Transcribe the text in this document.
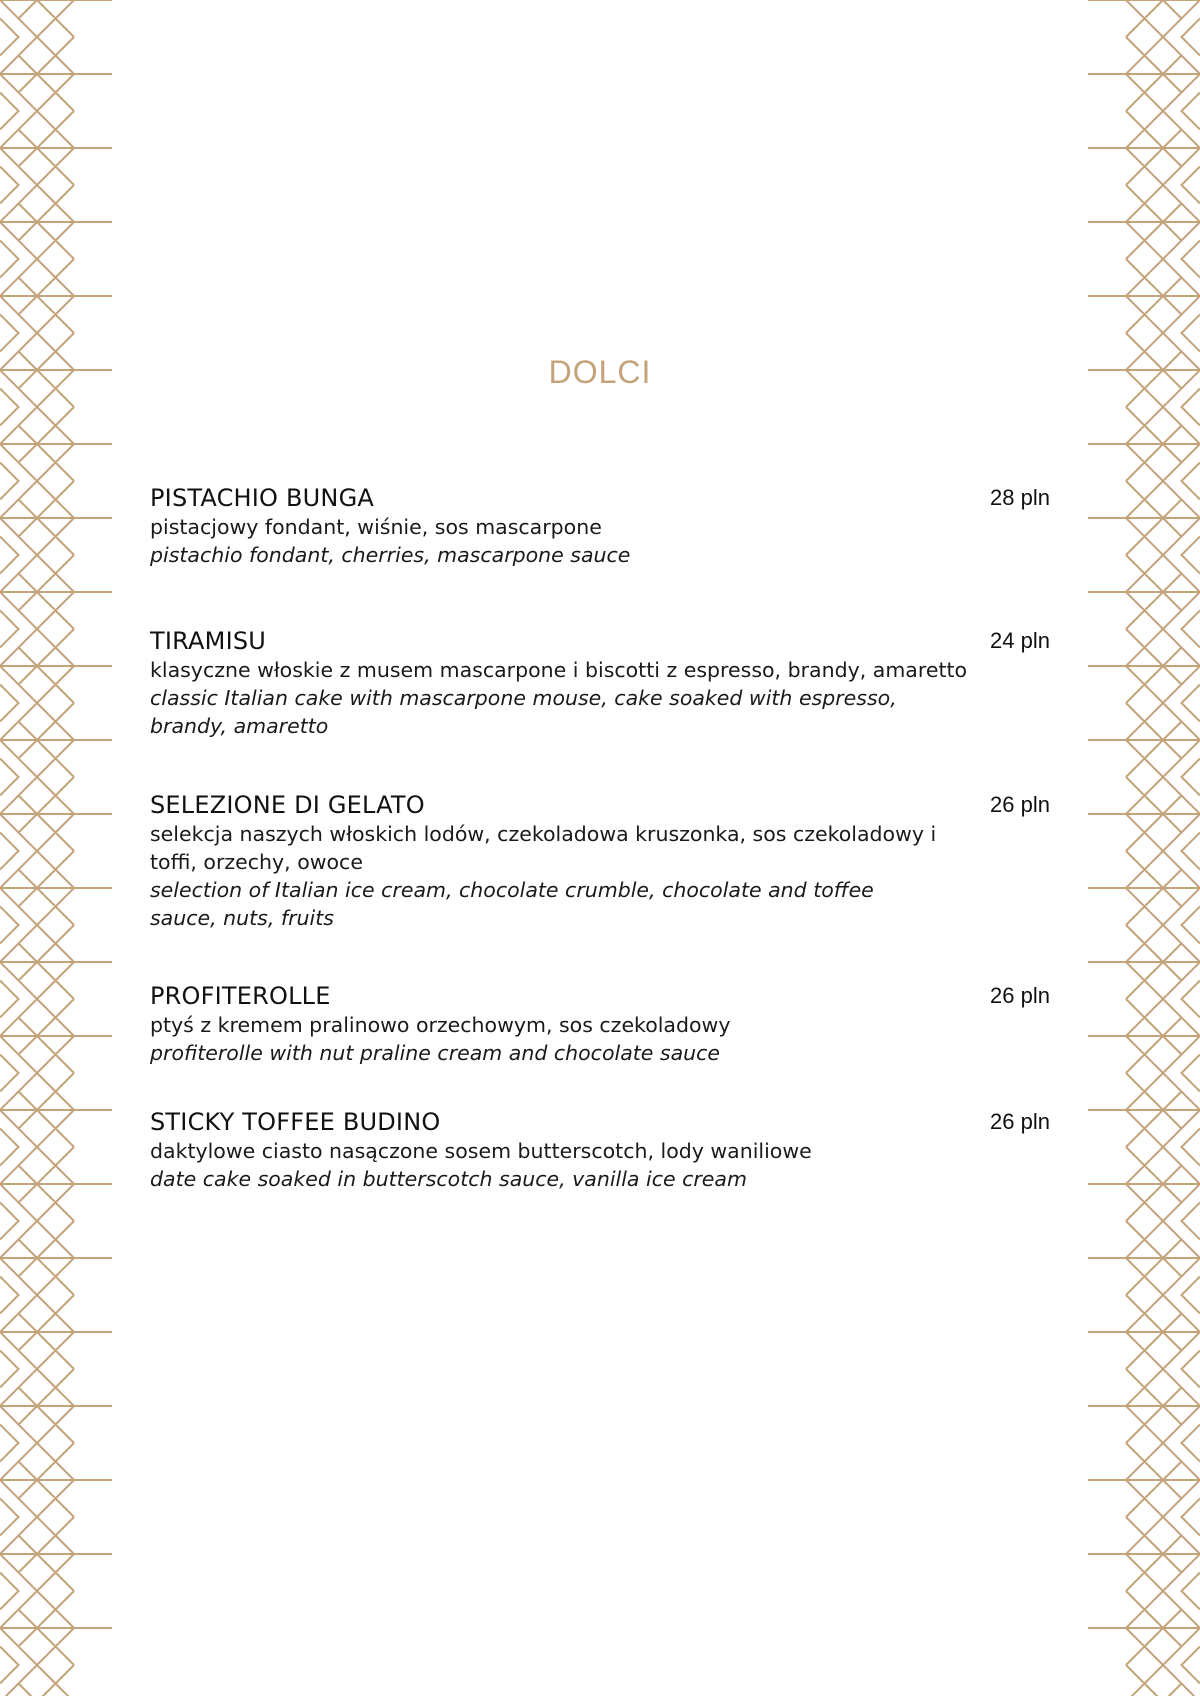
DOLCI
PISTACHIO BUNGA	28 pln
pistacjowy fondant, wiśnie, sos mascarpone
pistachio fondant, cherries, mascarpone sauce
TIRAMISU	24 pln
klasyczne włoskie z musem mascarpone i biscotti z espresso, brandy, amaretto
classic Italian cake with mascarpone mouse, cake soaked with espresso, brandy, amaretto
SELEZIONE DI GELATO	26 pln
selekcja naszych włoskich lodów, czekoladowa kruszonka, sos czekoladowy i toffi, orzechy, owoce
selection of Italian ice cream, chocolate crumble, chocolate and toffee sauce, nuts, fruits
PROFITEROLLE	26 pln
ptyś z kremem pralinowo orzechowym, sos czekoladowy
profiterolle with nut praline cream and chocolate sauce
STICKY TOFFEE BUDINO	26 pln
daktylowe ciasto nasączone sosem butterscotch, lody waniliowe
date cake soaked in butterscotch sauce, vanilla ice cream
